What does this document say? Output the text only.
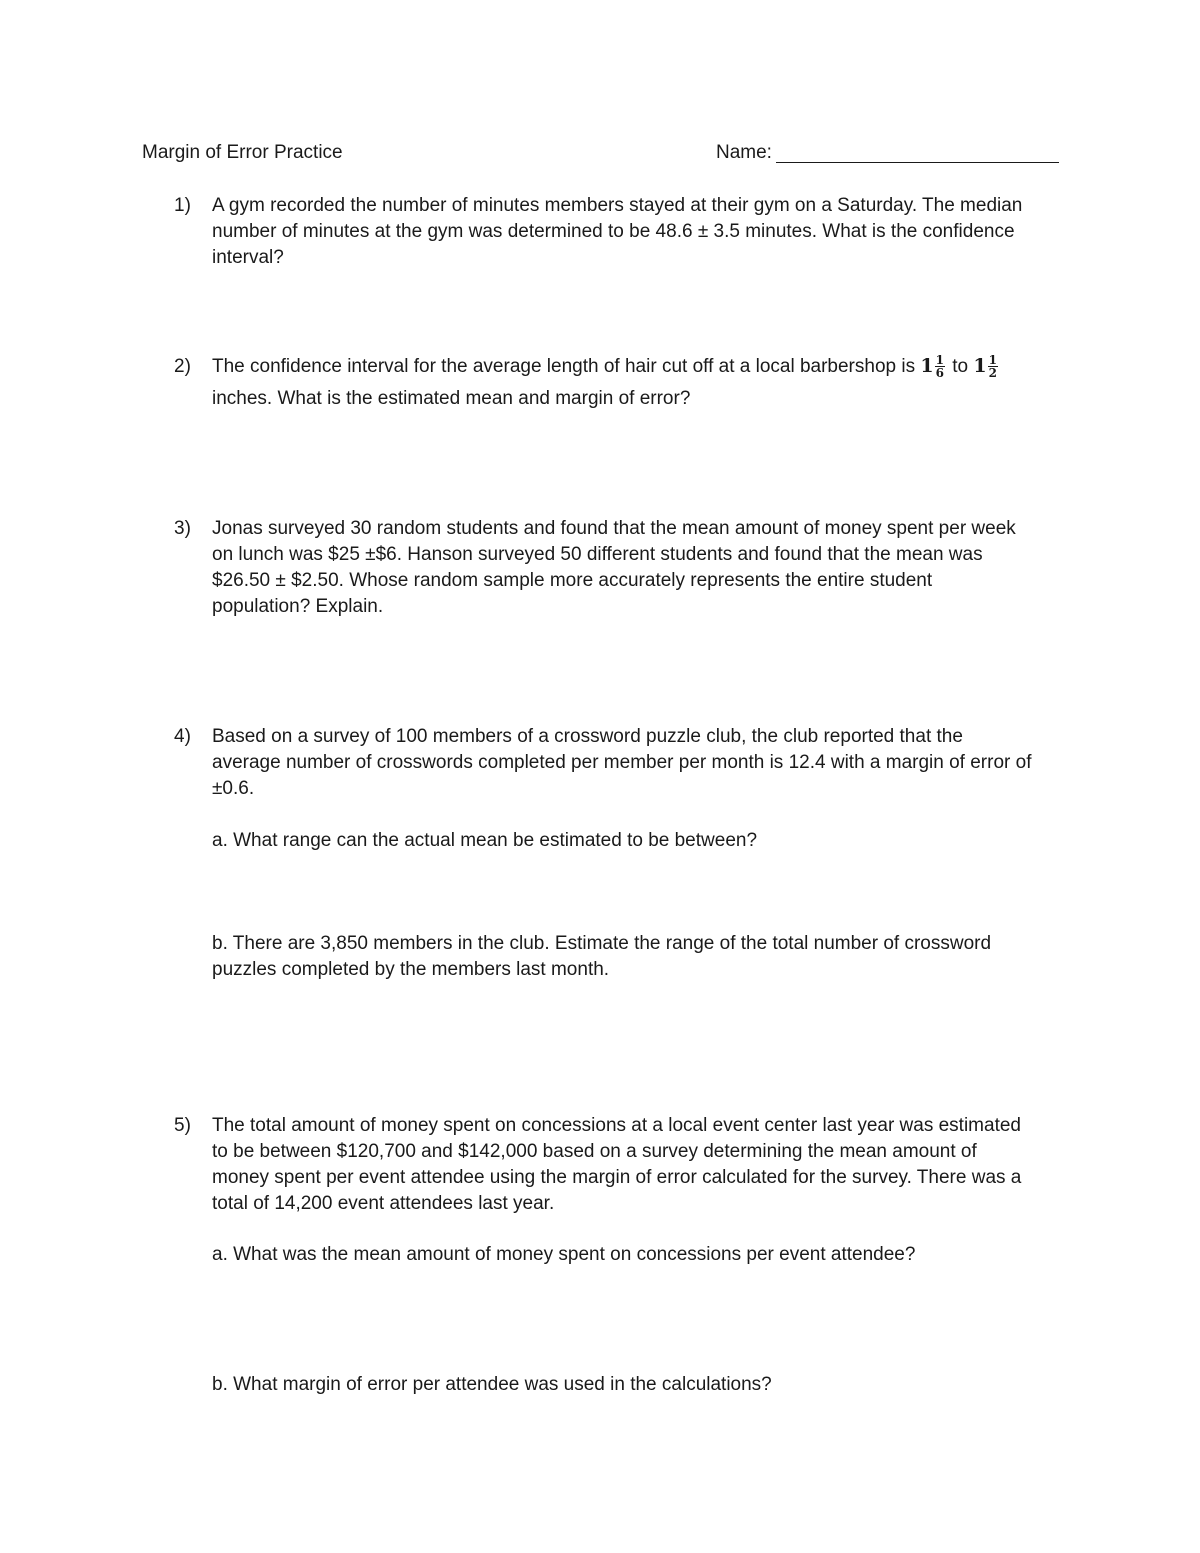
Margin of Error Practice	Name:
1)	A gym recorded the number of minutes members stayed at their gym on a Saturday. The median
number of minutes at the gym was determined to be 48.6 ± 3.5 minutes. What is the confidence
interval?
2)	The confidence interval for the average length of hair cut off at a local barbershop is $1 \frac{1}{6}$ to $1 \frac{1}{2}$
inches. What is the estimated mean and margin of error?
3)	Jonas surveyed 30 random students and found that the mean amount of money spent per week
on lunch was $25 ±$6. Hanson surveyed 50 different students and found that the mean was
$26.50 ± $2.50. Whose random sample more accurately represents the entire student
population? Explain.
4)	Based on a survey of 100 members of a crossword puzzle club, the club reported that the
average number of crosswords completed per member per month is 12.4 with a margin of error of
±0.6.
a. What range can the actual mean be estimated to be between?
b. There are 3,850 members in the club. Estimate the range of the total number of crossword
puzzles completed by the members last month.
5)	The total amount of money spent on concessions at a local event center last year was estimated
to be between $120,700 and $142,000 based on a survey determining the mean amount of
money spent per event attendee using the margin of error calculated for the survey. There was a
total of 14,200 event attendees last year.
a. What was the mean amount of money spent on concessions per event attendee?
b. What margin of error per attendee was used in the calculations?
